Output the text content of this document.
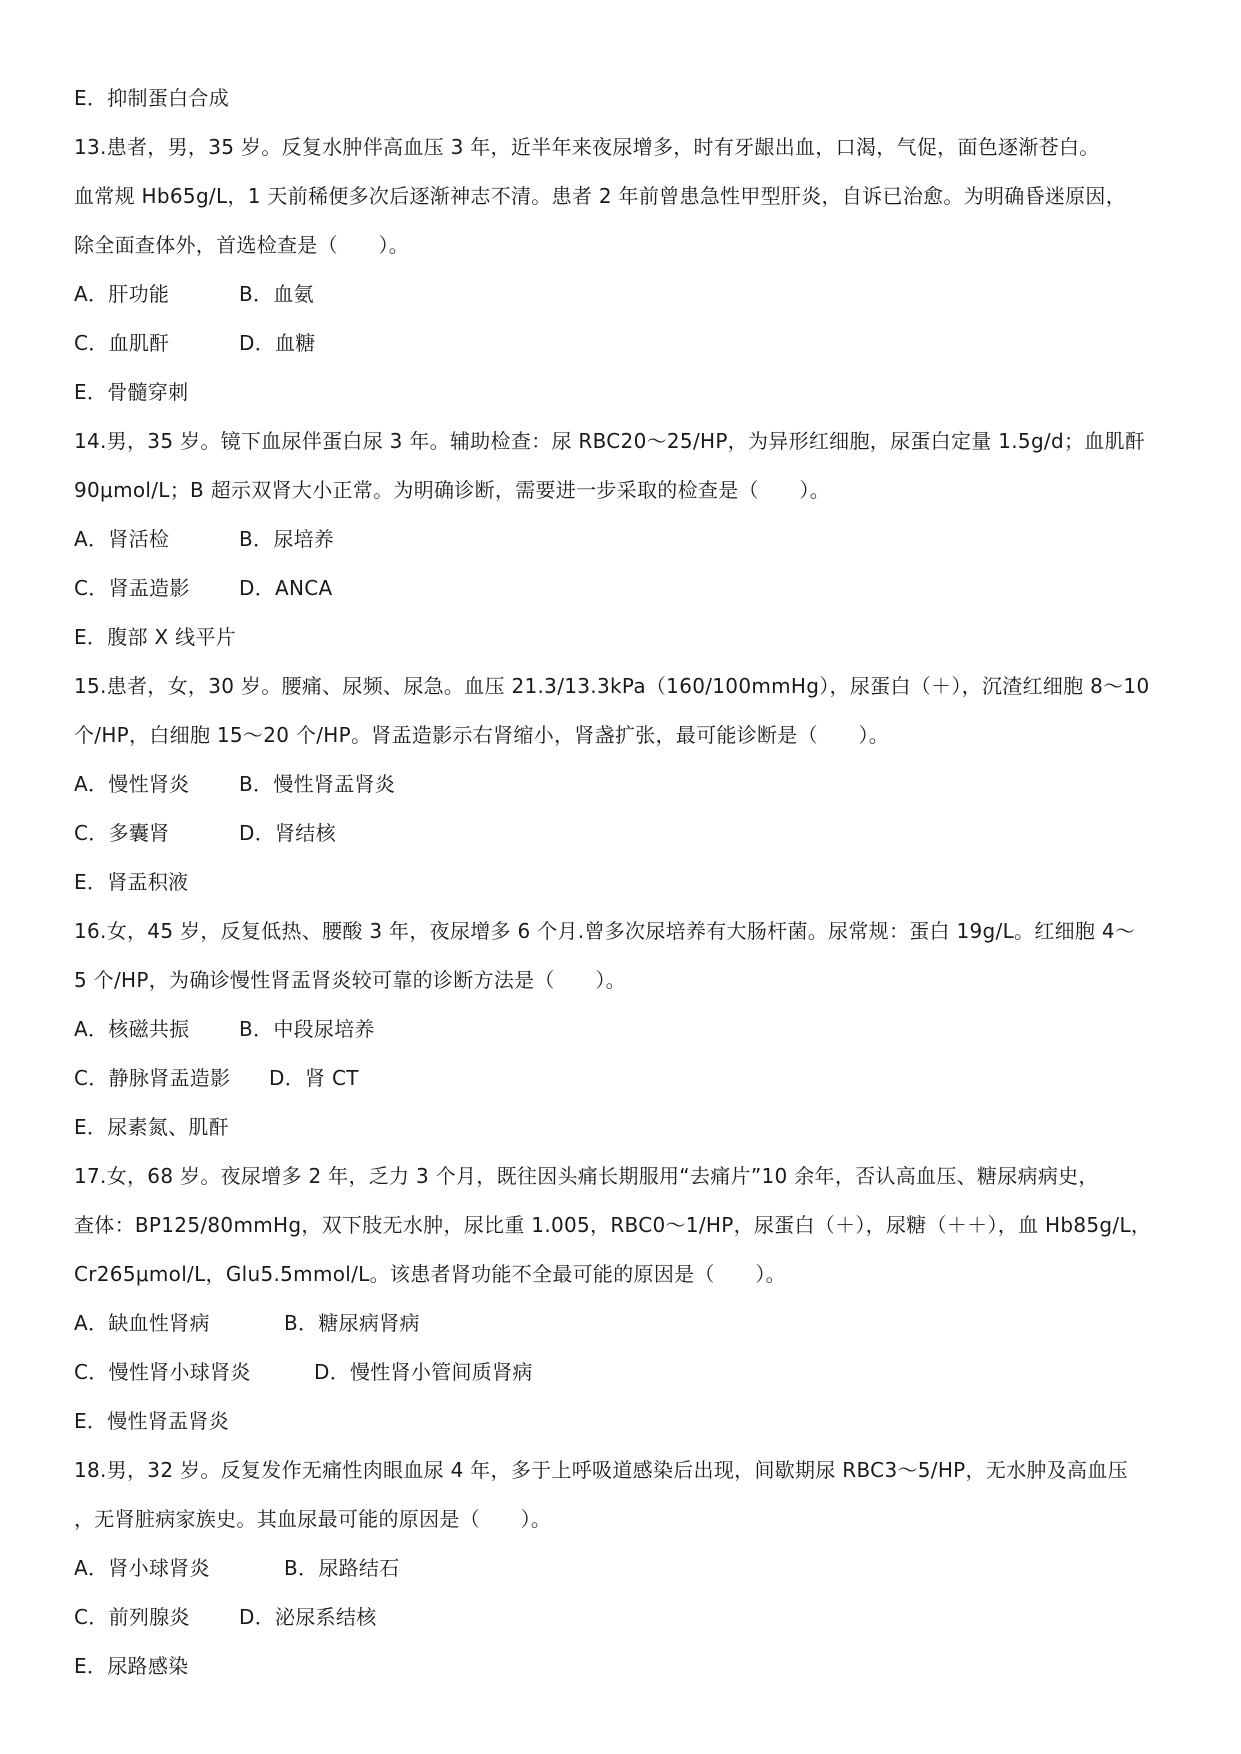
E．抑制蛋白合成
13.患者，男，35 岁。反复水肿伴高血压 3 年，近半年来夜尿增多，时有牙龈出血，口渴，气促，面色逐渐苍白。
血常规 Hb65g/L，1 天前稀便多次后逐渐神志不清。患者 2 年前曾患急性甲型肝炎，自诉已治愈。为明确昏迷原因，
除全面查体外，首选检查是（　　）。
A．肝功能	B．血氨
C．血肌酐	D．血糖
E．骨髓穿刺
14.男，35 岁。镜下血尿伴蛋白尿 3 年。辅助检查：尿 RBC20～25/HP，为异形红细胞，尿蛋白定量 1.5g/d；血肌酐
90μmol/L；B 超示双肾大小正常。为明确诊断，需要进一步采取的检查是（　　）。
A．肾活检	B．尿培养
C．肾盂造影	D．ANCA
E．腹部 X 线平片
15.患者，女，30 岁。腰痛、尿频、尿急。血压 21.3/13.3kPa（160/100mmHg），尿蛋白（＋），沉渣红细胞 8～10
个/HP，白细胞 15～20 个/HP。肾盂造影示右肾缩小，肾盏扩张，最可能诊断是（　　）。
A．慢性肾炎	B．慢性肾盂肾炎
C．多囊肾	D．肾结核
E．肾盂积液
16.女，45 岁，反复低热、腰酸 3 年，夜尿增多 6 个月.曾多次尿培养有大肠杆菌。尿常规：蛋白 19g/L。红细胞 4～
5 个/HP，为确诊慢性肾盂肾炎较可靠的诊断方法是（　　）。
A．核磁共振	B．中段尿培养
C．静脉肾盂造影	D．肾 CT
E．尿素氮、肌酐
17.女，68 岁。夜尿增多 2 年，乏力 3 个月，既往因头痛长期服用“去痛片”10 余年，否认高血压、糖尿病病史，
查体：BP125/80mmHg，双下肢无水肿，尿比重 1.005，RBC0～1/HP，尿蛋白（＋），尿糖（＋＋），血 Hb85g/L，
Cr265μmol/L，Glu5.5mmol/L。该患者肾功能不全最可能的原因是（　　）。
A．缺血性肾病	B．糖尿病肾病
C．慢性肾小球肾炎	D．慢性肾小管间质肾病
E．慢性肾盂肾炎
18.男，32 岁。反复发作无痛性肉眼血尿 4 年，多于上呼吸道感染后出现，间歇期尿 RBC3～5/HP，无水肿及高血压
，无肾脏病家族史。其血尿最可能的原因是（　　）。
A．肾小球肾炎	B．尿路结石
C．前列腺炎	D．泌尿系结核
E．尿路感染
